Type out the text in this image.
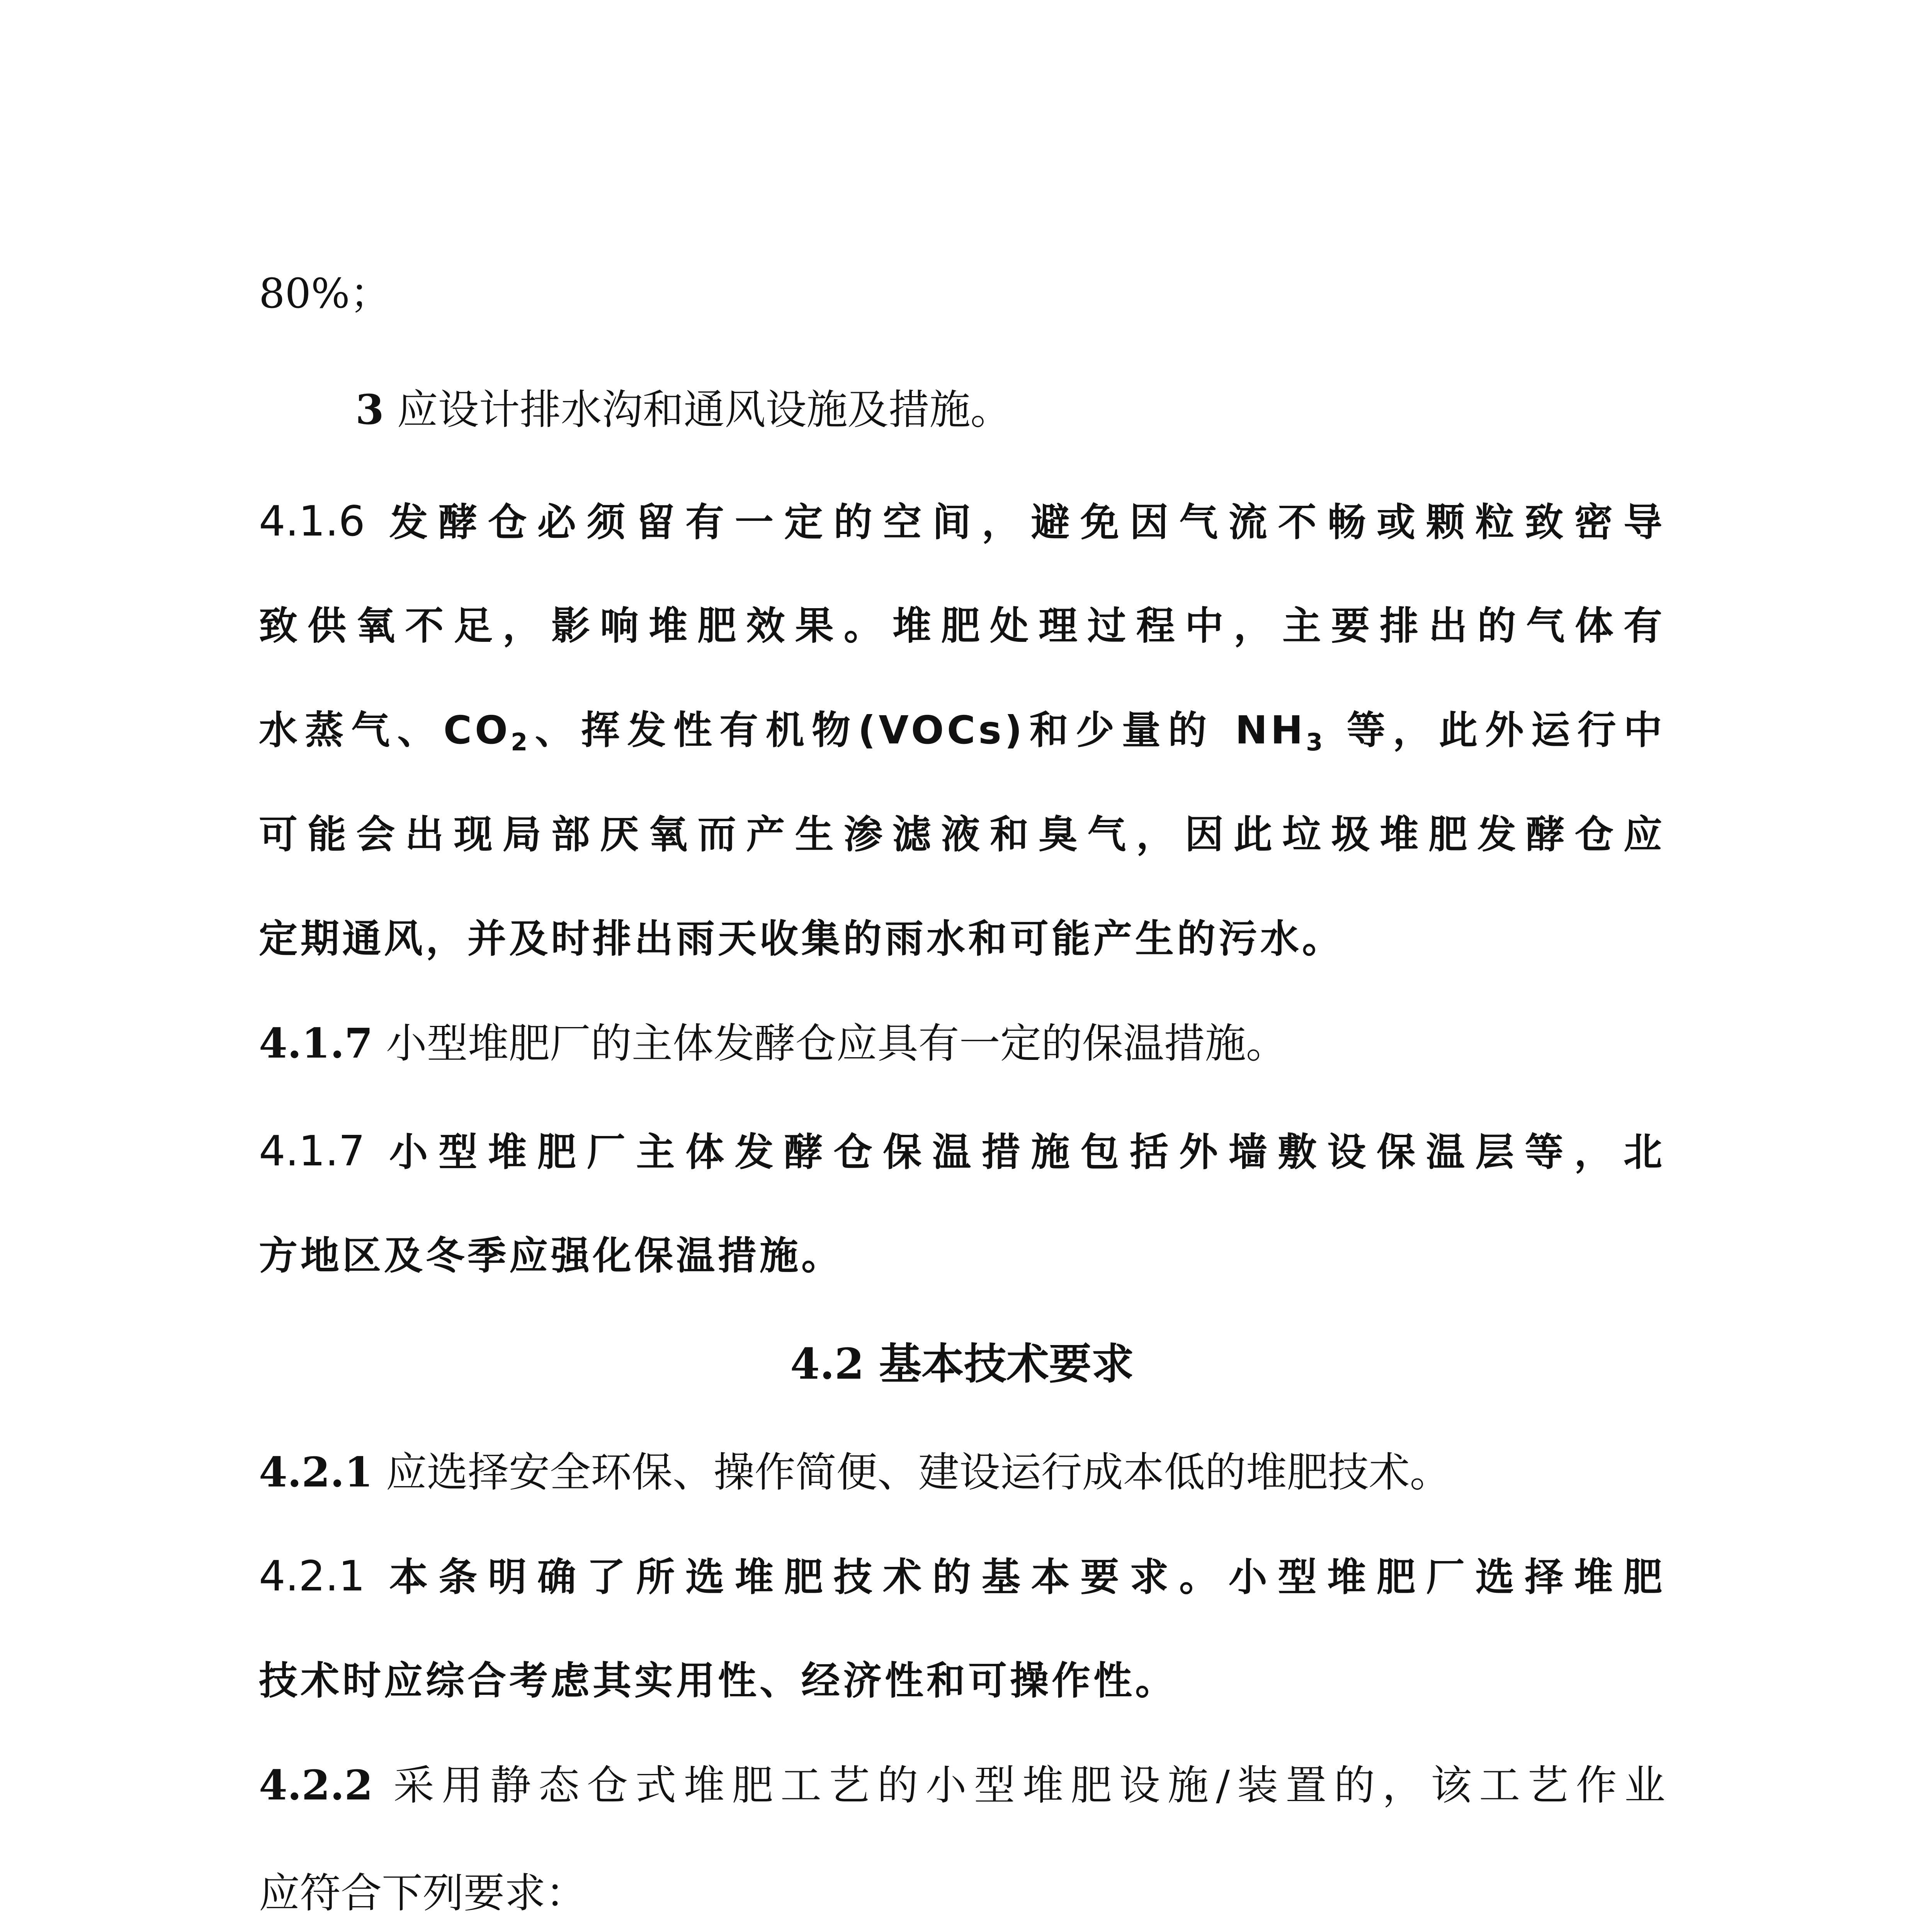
80%；
3 应设计排水沟和通风设施及措施。
4.1.6 发酵仓必须留有一定的空间，避免因气流不畅或颗粒致密导
致供氧不足，影响堆肥效果。堆肥处理过程中，主要排出的气体有
水蒸气、$CO_2$、挥发性有机物(VOCs)和少量的 $NH_3$ 等，此外运行中
可能会出现局部厌氧而产生渗滤液和臭气，因此垃圾堆肥发酵仓应
定期通风，并及时排出雨天收集的雨水和可能产生的污水。
4.1.7 小型堆肥厂的主体发酵仓应具有一定的保温措施。
4.1.7 小型堆肥厂主体发酵仓保温措施包括外墙敷设保温层等，北
方地区及冬季应强化保温措施。
4.2 基本技术要求
4.2.1 应选择安全环保、操作简便、建设运行成本低的堆肥技术。
4.2.1 本条明确了所选堆肥技术的基本要求。小型堆肥厂选择堆肥
技术时应综合考虑其实用性、经济性和可操作性。
4.2.2 采用静态仓式堆肥工艺的小型堆肥设施/装置的，该工艺作业
应符合下列要求：
